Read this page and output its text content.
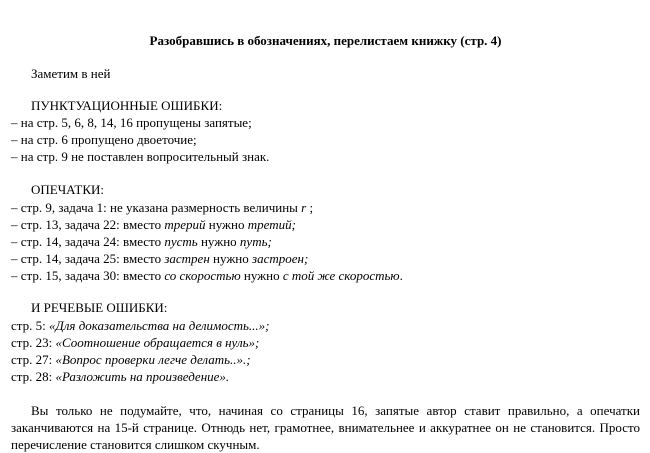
Разобравшись в обозначениях, перелистаем книжку (стр. 4)
Заметим в ней
ПУНКТУАЦИОННЫЕ ОШИБКИ:
– на стр. 5, 6, 8, 14, 16 пропущены запятые;
– на стр. 6 пропущено двоеточие;
– на стр. 9 не поставлен вопросительный знак.
ОПЕЧАТКИ:
– стр. 9, задача 1: не указана размерность величины r ;
– стр. 13, задача 22: вместо трерий нужно третий;
– стр. 14, задача 24: вместо пусть нужно путь;
– стр. 14, задача 25: вместо застрен нужно застроен;
– стр. 15, задача 30: вместо со скоростью нужно с той же скоростью.
И РЕЧЕВЫЕ ОШИБКИ:
стр. 5: «Для доказательства на делимость...»;
стр. 23: «Соотношение обращается в нуль»;
стр. 27: «Вопрос проверки легче делать..».;
стр. 28: «Разложить на произведение».
Вы только не подумайте, что, начиная со страницы 16, запятые автор ставит правильно, а опечатки заканчиваются на 15-й странице. Отнюдь нет, грамотнее, внимательнее и аккуратнее он не становится. Просто перечисление становится слишком скучным.
